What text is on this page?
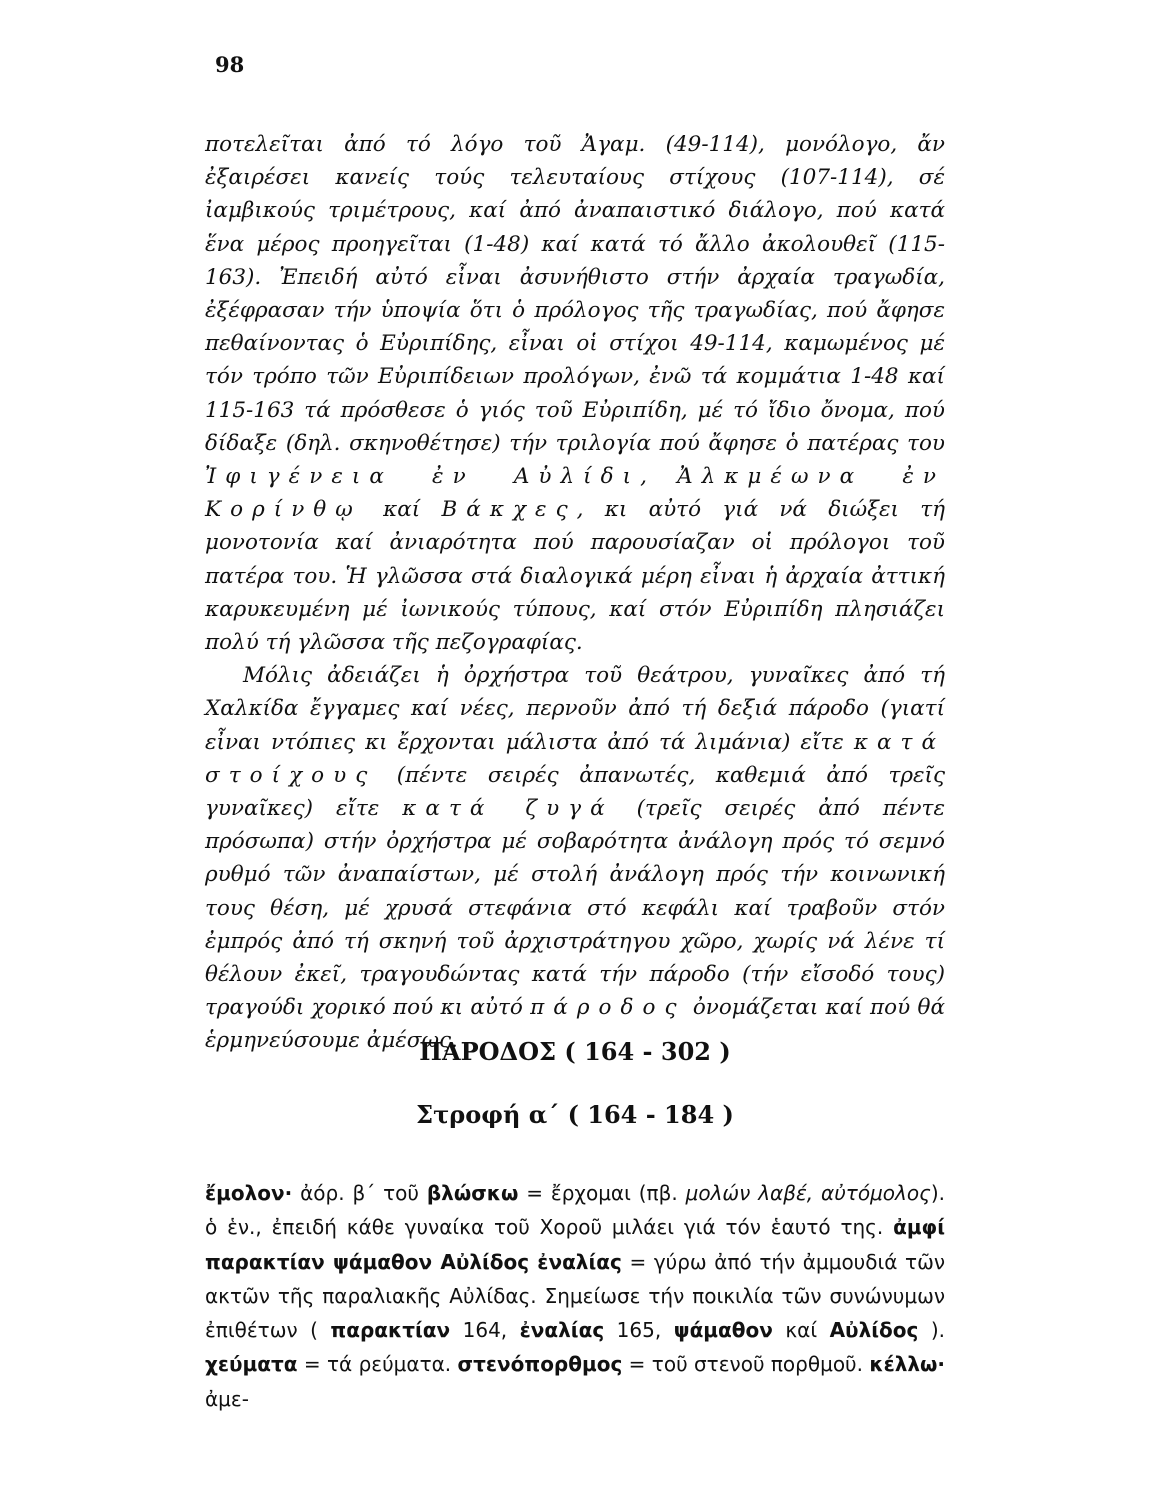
98

ποτελεῖται ἀπό τό λόγο τοῦ Ἀγαμ. (49-114), μονόλογο, ἄν ἐξαιρέσει κανείς τούς τελευταίους στίχους (107-114), σέ ἰαμβικούς τριμέτρους, καί ἀπό ἀναπαιστικό διάλογο, πού κατά ἕνα μέρος προηγεῖται (1-48) καί κατά τό ἄλλο ἀκολουθεῖ (115-163). Ἐπειδή αὐτό εἶναι ἀσυνήθιστο στήν ἀρχαία τραγωδία, ἐξέφρασαν τήν ὑποψία ὅτι ὁ πρόλογος τῆς τραγωδίας, πού ἄφησε πεθαίνοντας ὁ Εὐριπίδης, εἶναι οἱ στίχοι 49-114, καμωμένος μέ τόν τρόπο τῶν Εὐριπίδειων προλόγων, ἐνῶ τά κομμάτια 1-48 καί 115-163 τά πρόσθεσε ὁ γιός τοῦ Εὐριπίδη, μέ τό ἴδιο ὄνομα, πού δίδαξε (δηλ. σκηνοθέτησε) τήν τριλογία πού ἄφησε ὁ πατέρας του Ἰφιγένεια ἐν Αὐλίδι, Ἀλκμέωνα ἐν Κορίνθῳ καί Βάκχες, κι αὐτό γιά νά διώξει τή μονοτονία καί ἀνιαρότητα πού παρουσίαζαν οἱ πρόλογοι τοῦ πατέρα του. Ἡ γλῶσσα στά διαλογικά μέρη εἶναι ἡ ἀρχαία ἀττική καρυκευμένη μέ ἰωνικούς τύπους, καί στόν Εὐριπίδη πλησιάζει πολύ τή γλῶσσα τῆς πεζογραφίας.

Μόλις ἀδειάζει ἡ ὀρχήστρα τοῦ θεάτρου, γυναῖκες ἀπό τή Χαλκίδα ἔγγαμες καί νέες, περνοῦν ἀπό τή δεξιά πάροδο (γιατί εἶναι ντόπιες κι ἔρχονται μάλιστα ἀπό τά λιμάνια) εἴτε κατά στοίχους (πέντε σειρές ἀπανωτές, καθεμιά ἀπό τρεῖς γυναῖκες) εἴτε κατά ζυγά (τρεῖς σειρές ἀπό πέντε πρόσωπα) στήν ὀρχήστρα μέ σοβαρότητα ἀνάλογη πρός τό σεμνό ρυθμό τῶν ἀναπαίστων, μέ στολή ἀνάλογη πρός τήν κοινωνική τους θέση, μέ χρυσά στεφάνια στό κεφάλι καί τραβοῦν στόν ἐμπρός ἀπό τή σκηνή τοῦ ἀρχιστράτηγου χῶρο, χωρίς νά λένε τί θέλουν ἐκεῖ, τραγουδώντας κατά τήν πάροδο (τήν εἴσοδό τους) τραγούδι χορικό πού κι αὐτό πάροδος ὀνομάζεται καί πού θά ἑρμηνεύσουμε ἀμέσως.

ΠΑΡΟΔΟΣ ( 164 - 302 )
Στροφή α΄ ( 164 - 184 )

ἔμολον· ἀόρ. β΄ τοῦ βλώσκω = ἔρχομαι (πβ. μολών λαβέ, αὐτόμολος). ὁ ἑν., ἐπειδή κάθε γυναίκα τοῦ Χοροῦ μιλάει γιά τόν ἑαυτό της. ἀμφί παρακτίαν ψάμαθον Αὐλίδος ἐναλίας = γύρω ἀπό τήν ἀμμουδιά τῶν ακτῶν τῆς παραλιακῆς Αὐλίδας. Σημείωσε τήν ποικιλία τῶν συνώνυμων ἐπιθέτων ( παρακτίαν 164, ἐναλίας 165, ψάμαθον καί Αὐλίδος ). χεύματα = τά ρεύματα. στενόπορθμος = τοῦ στενοῦ πορθμοῦ. κέλλω· ἀμε-
